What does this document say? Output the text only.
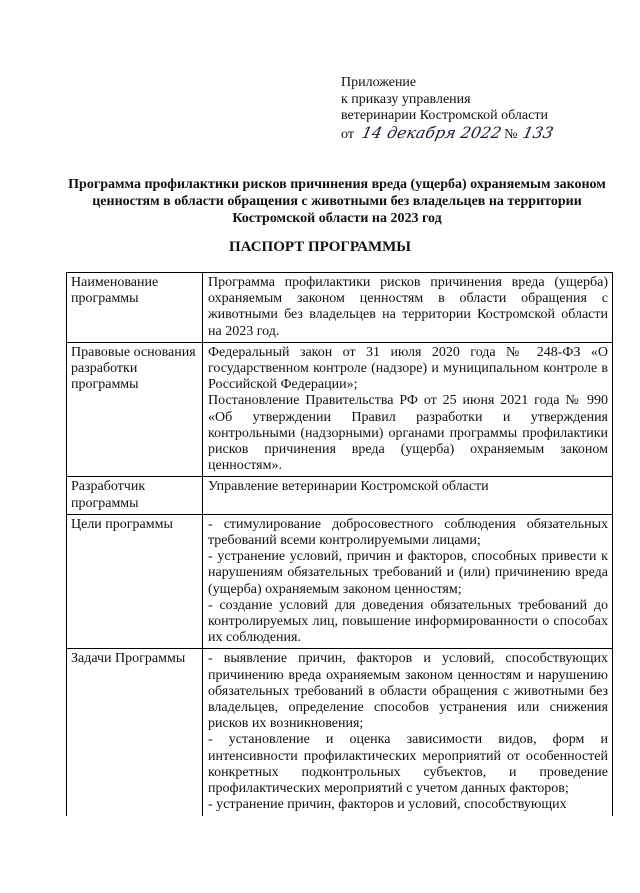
Приложение
к приказу управления
ветеринарии Костромской области
от 14 декабря 2022 № 133
Программа профилактики рисков причинения вреда (ущерба) охраняемым законом ценностям в области обращения с животными без владельцев на территории Костромской области на 2023 год
ПАСПОРТ ПРОГРАММЫ
Наименование программы

Программа профилактики рисков причинения вреда (ущерба) охраняемым законом ценностям в области обращения с животными без владельцев на территории Костромской области на 2023 год.

Правовые основания разработки программы

Федеральный закон от 31 июля 2020 года № 248-ФЗ «О государственном контроле (надзоре) и муниципальном контроле в Российской Федерации»;

Постановление Правительства РФ от 25 июня 2021 года № 990 «Об утверждении Правил разработки и утверждения контрольными (надзорными) органами программы профилактики рисков причинения вреда (ущерба) охраняемым законом ценностям».

Разработчик программы

Управление ветеринарии Костромской области

Цели программы	- стимулирование добросовестного соблюдения обязательных требований всеми контролируемыми лицами;

- устранение условий, причин и факторов, способных привести к нарушениям обязательных требований и (или) причинению вреда (ущерба) охраняемым законом ценностям;

- создание условий для доведения обязательных требований до контролируемых лиц, повышение информированности о способах их соблюдения.

Задачи Программы	- выявление причин, факторов и условий, способствующих причинению вреда охраняемым законом ценностям и нарушению обязательных требований в области обращения с животными без владельцев, определение способов устранения или снижения рисков их возникновения;

- установление и оценка зависимости видов, форм и интенсивности профилактических мероприятий от особенностей конкретных подконтрольных субъектов, и проведение профилактических мероприятий с учетом данных факторов;

- устранение причин, факторов и условий, способствующих
